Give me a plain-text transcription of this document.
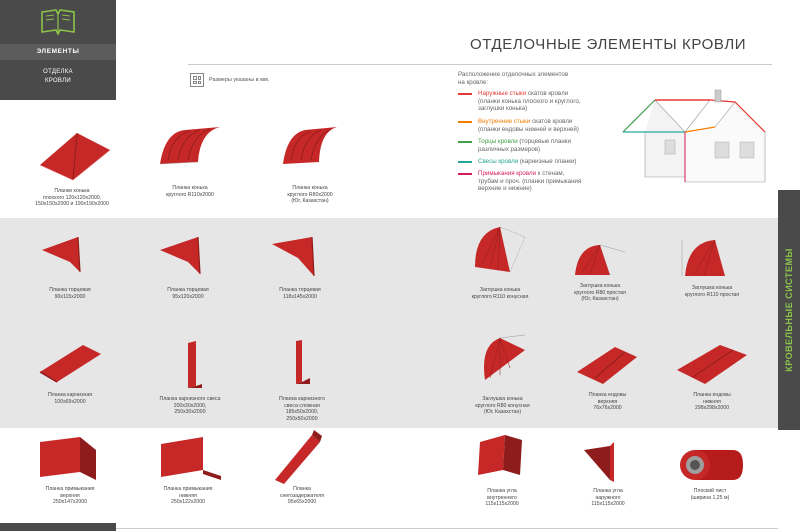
ЭЛЕМЕНТЫ
ОТДЕЛКА
КРОВЛИ
КРОВЕЛЬНЫЕ СИСТЕМЫ
ОТДЕЛОЧНЫЕ ЭЛЕМЕНТЫ КРОВЛИ
Размеры указаны в мм.
Расположение отделочных элементов
на кровле:
Наружные стыки скатов кровли
(планки конька плоского и круглого,
заглушки конька)
Внутренние стыки скатов кровли
(планки ендовы нижней и верхней)
Торцы кровли (торцевые планки
различных размеров)
Свесы кровли (карнизные планки)
Примыкания кровли к стенам,
трубам и проч. (планки примыкания
верхние и нижние)
Планки конька
плоского 120х120х2000,
150х150х2000 и 190х190х2000
Планка конька
круглого R110х2000
Планка конька
круглого R80х2000
(Юг, Казахстан)
Планка торцевая
90х115х2000
Планка торцевая
95х120х2000
Планка торцевая
118х145х2000
Заглушка конька
круглого R110 конусная
Заглушка конька
круглого R80 простая
(Юг, Казахстан)
Заглушка конька
круглого R110 простая
Планка карнизная
100х69х2000	Планка карнизного свеса
200х30х2000,
250х30х2000
Планка карнизного
свеса сложная
185х50х2000,
250х50х2000
Заглушка конька
круглого R80 конусная
(Юг, Казахстан)
Планка ендовы
верхняя
76х76х2000
Планка ендовы
нижняя
298х298х2000
Планка примыкания
верхняя
250х147х2000
Планка примыкания
нижняя
250х122х2000
Планка
снегозадержателя
95х65х2000
Планка угла
внутреннего
115х115х2000
Планка угла
наружного
115х115х2000
Плоский лист
(ширина 1,25 м)
